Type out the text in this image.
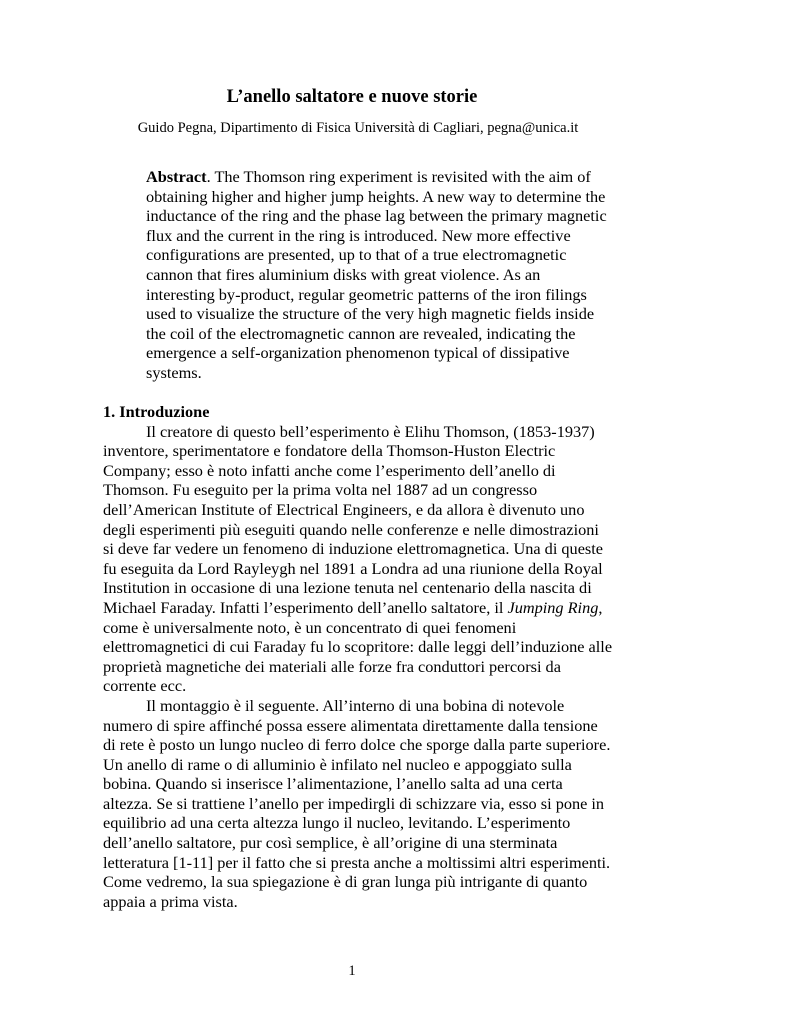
L’anello saltatore e nuove storie

Guido Pegna, Dipartimento di Fisica Università di Cagliari, pegna@unica.it

Abstract. The Thomson ring experiment is revisited with the aim of obtaining higher and higher jump heights. A new way to determine the inductance of the ring and the phase lag between the primary magnetic flux and the current in the ring is introduced. New more effective configurations are presented, up to that of a true electromagnetic cannon that fires aluminium disks with great violence. As an interesting by-product, regular geometric patterns of the iron filings used to visualize the structure of the very high magnetic fields inside the coil of the electromagnetic cannon are revealed, indicating the emergence a self-organization phenomenon typical of dissipative systems.

1. Introduzione

Il creatore di questo bell’esperimento è Elihu Thomson, (1853-1937) inventore, sperimentatore e fondatore della Thomson-Huston Electric Company; esso è noto infatti anche come l’esperimento dell’anello di Thomson. Fu eseguito per la prima volta nel 1887 ad un congresso dell’American Institute of Electrical Engineers, e da allora è divenuto uno degli esperimenti più eseguiti quando nelle conferenze e nelle dimostrazioni si deve far vedere un fenomeno di induzione elettromagnetica. Una di queste fu eseguita da Lord Rayleygh nel 1891 a Londra ad una riunione della Royal Institution in occasione di una lezione tenuta nel centenario della nascita di Michael Faraday. Infatti l’esperimento dell’anello saltatore, il Jumping Ring, come è universalmente noto, è un concentrato di quei fenomeni elettromagnetici di cui Faraday fu lo scopritore: dalle leggi dell’induzione alle proprietà magnetiche dei materiali alle forze fra conduttori percorsi da corrente ecc.

Il montaggio è il seguente. All’interno di una bobina di notevole numero di spire affinché possa essere alimentata direttamente dalla tensione di rete è posto un lungo nucleo di ferro dolce che sporge dalla parte superiore. Un anello di rame o di alluminio è infilato nel nucleo e appoggiato sulla bobina. Quando si inserisce l’alimentazione, l’anello salta ad una certa altezza. Se si trattiene l’anello per impedirgli di schizzare via, esso si pone in equilibrio ad una certa altezza lungo il nucleo, levitando. L’esperimento dell’anello saltatore, pur così semplice, è all’origine di una sterminata letteratura [1-11] per il fatto che si presta anche a moltissimi altri esperimenti. Come vedremo, la sua spiegazione è di gran lunga più intrigante di quanto appaia a prima vista.

1
